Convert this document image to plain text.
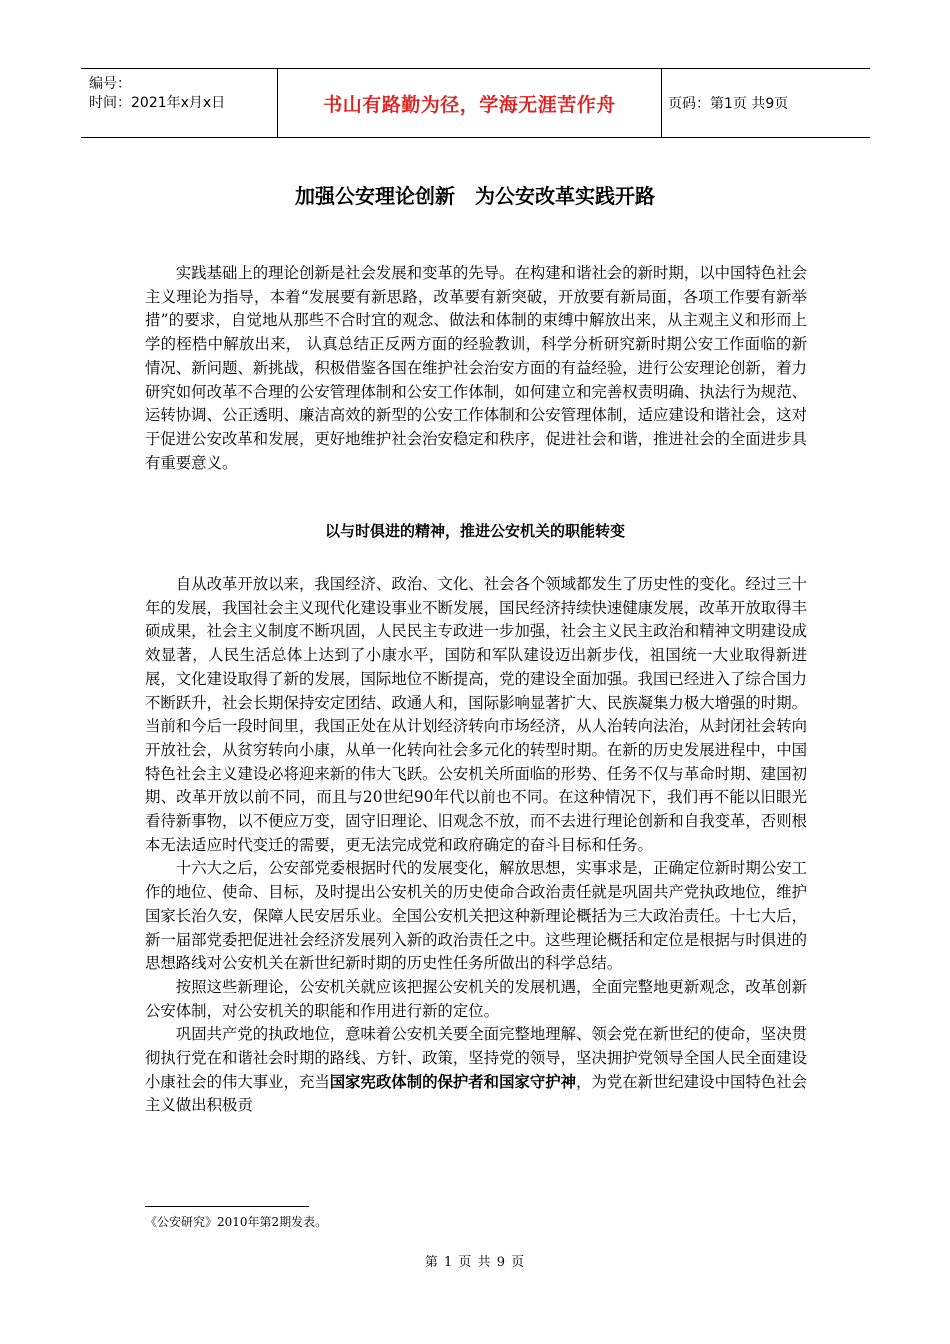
编号：
时间：2021年x月x日	书山有路勤为径，学海无涯苦作舟	页码：第1页 共9页
加强公安理论创新　为公安改革实践开路

实践基础上的理论创新是社会发展和变革的先导。在构建和谐社会的新时期，以中国特色社会主义理论为指导，本着“发展要有新思路，改革要有新突破，开放要有新局面，各项工作要有新举措”的要求，自觉地从那些不合时宜的观念、做法和体制的束缚中解放出来，从主观主义和形而上学的桎梏中解放出来， 认真总结正反两方面的经验教训，科学分析研究新时期公安工作面临的新情况、新问题、新挑战，积极借鉴各国在维护社会治安方面的有益经验，进行公安理论创新，着力研究如何改革不合理的公安管理体制和公安工作体制，如何建立和完善权责明确、执法行为规范、运转协调、公正透明、廉洁高效的新型的公安工作体制和公安管理体制，适应建设和谐社会，这对于促进公安改革和发展，更好地维护社会治安稳定和秩序，促进社会和谐，推进社会的全面进步具有重要意义。

以与时俱进的精神，推进公安机关的职能转变

自从改革开放以来，我国经济、政治、文化、社会各个领域都发生了历史性的变化。经过三十年的发展，我国社会主义现代化建设事业不断发展，国民经济持续快速健康发展，改革开放取得丰硕成果，社会主义制度不断巩固，人民民主专政进一步加强，社会主义民主政治和精神文明建设成效显著，人民生活总体上达到了小康水平，国防和军队建设迈出新步伐，祖国统一大业取得新进展，文化建设取得了新的发展，国际地位不断提高，党的建设全面加强。我国已经进入了综合国力不断跃升，社会长期保持安定团结、政通人和，国际影响显著扩大、民族凝集力极大增强的时期。当前和今后一段时间里，我国正处在从计划经济转向市场经济，从人治转向法治，从封闭社会转向开放社会，从贫穷转向小康，从单一化转向社会多元化的转型时期。在新的历史发展进程中，中国特色社会主义建设必将迎来新的伟大飞跃。公安机关所面临的形势、任务不仅与革命时期、建国初期、改革开放以前不同，而且与20世纪90年代以前也不同。在这种情况下，我们再不能以旧眼光看待新事物，以不便应万变，固守旧理论、旧观念不放，而不去进行理论创新和自我变革，否则根本无法适应时代变迁的需要，更无法完成党和政府确定的奋斗目标和任务。

十六大之后，公安部党委根据时代的发展变化，解放思想，实事求是，正确定位新时期公安工作的地位、使命、目标，及时提出公安机关的历史使命合政治责任就是巩固共产党执政地位，维护国家长治久安，保障人民安居乐业。全国公安机关把这种新理论概括为三大政治责任。十七大后，新一届部党委把促进社会经济发展列入新的政治责任之中。这些理论概括和定位是根据与时俱进的思想路线对公安机关在新世纪新时期的历史性任务所做出的科学总结。

按照这些新理论，公安机关就应该把握公安机关的发展机遇，全面完整地更新观念，改革创新公安体制，对公安机关的职能和作用进行新的定位。

巩固共产党的执政地位，意味着公安机关要全面完整地理解、领会党在新世纪的使命，坚决贯彻执行党在和谐社会时期的路线、方针、政策，坚持党的领导，坚决拥护党领导全国人民全面建设小康社会的伟大事业，充当国家宪政体制的保护者和国家守护神，为党在新世纪建设中国特色社会主义做出积极贡

《公安研究》2010年第2期发表。
第 1 页 共 9 页
